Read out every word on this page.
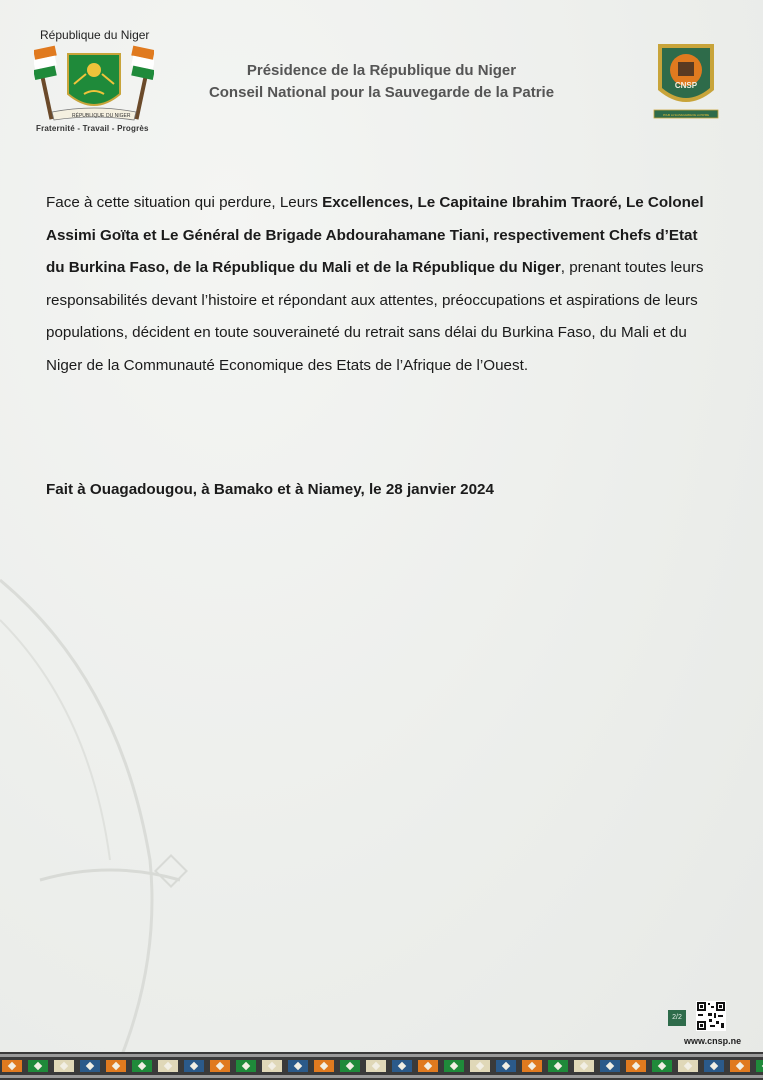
République du Niger
RÉPUBLIQUE DU NIGER
Fraternité - Travail - Progrès
Présidence de la République du Niger
Conseil National pour la Sauvegarde de la Patrie	CNSP
POUR LA SAUVEGARDE DE LA PATRIE
Face à cette situation qui perdure, Leurs Excellences, Le Capitaine Ibrahim Traoré, Le Colonel Assimi Goïta et Le Général de Brigade Abdourahamane Tiani, respectivement Chefs d’Etat du Burkina Faso, de la République du Mali et de la République du Niger, prenant toutes leurs responsabilités devant l’histoire et répondant aux attentes, préoccupations et aspirations de leurs populations, décident en toute souveraineté du retrait sans délai du Burkina Faso, du Mali et du Niger de la Communauté Economique des Etats de l’Afrique de l’Ouest.
Fait à Ouagadougou, à Bamako et à Niamey, le 28 janvier 2024
2/2
www.cnsp.ne
